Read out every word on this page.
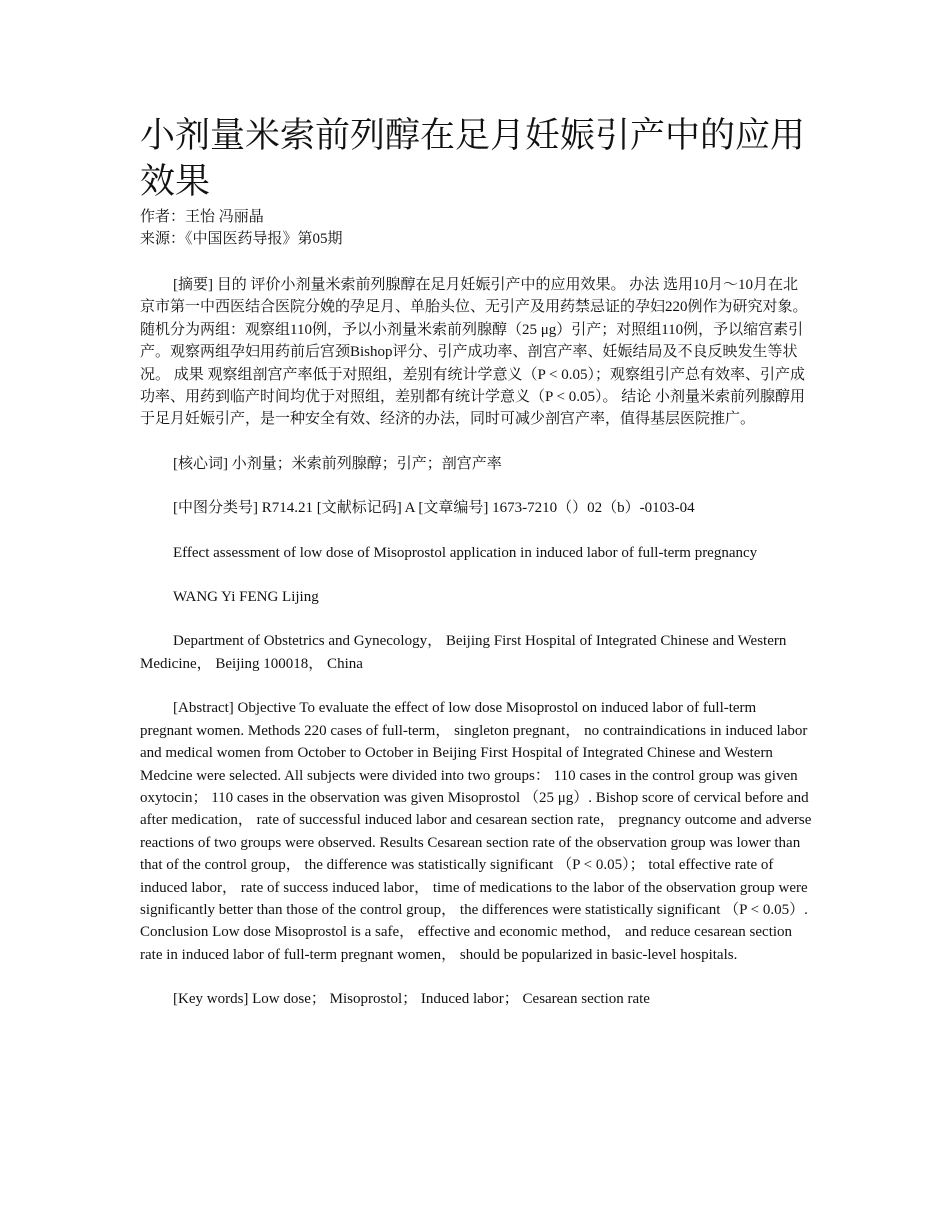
小剂量米索前列醇在足月妊娠引产中的应用效果

作者：王怡 冯丽晶

来源：《中国医药导报》第05期

[摘要] 目的 评价小剂量米索前列腺醇在足月妊娠引产中的应用效果。 办法 选用10月～10月在北京市第一中西医结合医院分娩的孕足月、单胎头位、无引产及用药禁忌证的孕妇220例作为研究对象。随机分为两组：观察组110例，予以小剂量米索前列腺醇（25 μg）引产；对照组110例，予以缩宫素引产。观察两组孕妇用药前后宫颈Bishop评分、引产成功率、剖宫产率、妊娠结局及不良反映发生等状况。 成果 观察组剖宫产率低于对照组，差别有统计学意义（P < 0.05）；观察组引产总有效率、引产成功率、用药到临产时间均优于对照组，差别都有统计学意义（P < 0.05）。 结论 小剂量米索前列腺醇用于足月妊娠引产，是一种安全有效、经济的办法，同时可减少剖宫产率，值得基层医院推广。

[核心词] 小剂量；米索前列腺醇；引产；剖宫产率

[中图分类号] R714.21 [文献标记码] A [文章编号] 1673-7210（）02（b）-0103-04

Effect assessment of low dose of Misoprostol application in induced labor of full-term pregnancy

WANG Yi FENG Lijing

Department of Obstetrics and Gynecology， Beijing First Hospital of Integrated Chinese and Western Medicine， Beijing 100018， China

[Abstract] Objective To evaluate the effect of low dose Misoprostol on induced labor of full-term pregnant women. Methods 220 cases of full-term， singleton pregnant， no contraindications in induced labor and medical women from October to October in Beijing First Hospital of Integrated Chinese and Western Medcine were selected. All subjects were divided into two groups： 110 cases in the control group was given oxytocin； 110 cases in the observation was given Misoprostol （25 μg）. Bishop score of cervical before and after medication， rate of successful induced labor and cesarean section rate， pregnancy outcome and adverse reactions of two groups were observed. Results Cesarean section rate of the observation group was lower than that of the control group， the difference was statistically significant （P < 0.05）； total effective rate of induced labor， rate of success induced labor， time of medications to the labor of the observation group were significantly better than those of the control group， the differences were statistically significant （P < 0.05）. Conclusion Low dose Misoprostol is a safe， effective and economic method， and reduce cesarean section rate in induced labor of full-term pregnant women， should be popularized in basic-level hospitals.

[Key words] Low dose； Misoprostol； Induced labor； Cesarean section rate
